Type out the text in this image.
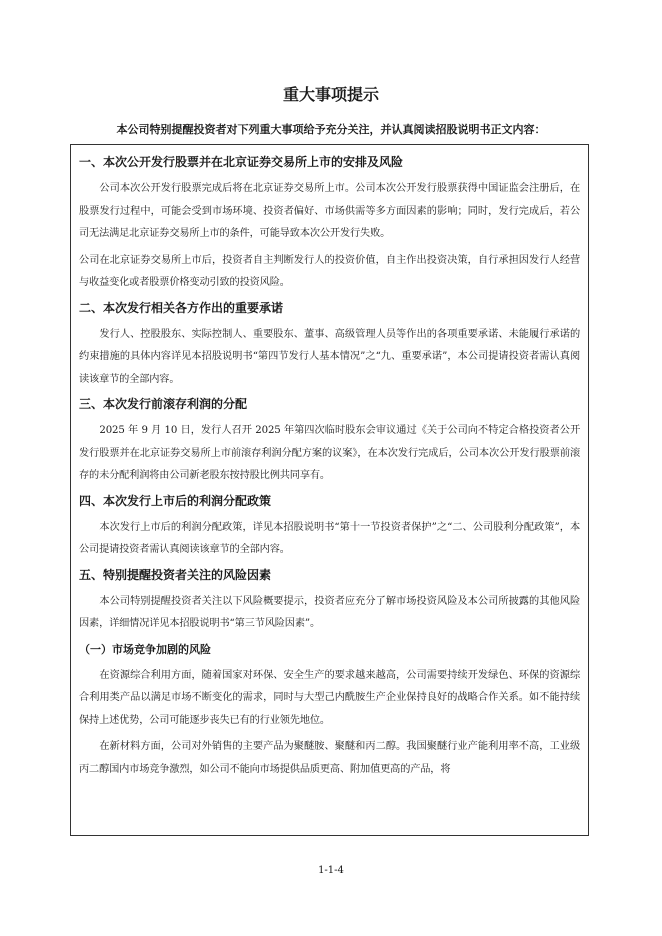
重大事项提示

本公司特别提醒投资者对下列重大事项给予充分关注，并认真阅读招股说明书正文内容：

一、本次公开发行股票并在北京证券交易所上市的安排及风险

公司本次公开发行股票完成后将在北京证券交易所上市。公司本次公开发行股票获得中国证监会注册后，在股票发行过程中，可能会受到市场环境、投资者偏好、市场供需等多方面因素的影响；同时，发行完成后，若公司无法满足北京证券交易所上市的条件，可能导致本次公开发行失败。

公司在北京证券交易所上市后，投资者自主判断发行人的投资价值，自主作出投资决策，自行承担因发行人经营与收益变化或者股票价格变动引致的投资风险。

二、本次发行相关各方作出的重要承诺

发行人、控股股东、实际控制人、重要股东、董事、高级管理人员等作出的各项重要承诺、未能履行承诺的约束措施的具体内容详见本招股说明书“第四节发行人基本情况”之“九、重要承诺”，本公司提请投资者需认真阅读该章节的全部内容。

三、本次发行前滚存利润的分配

2025 年 9 月 10 日，发行人召开 2025 年第四次临时股东会审议通过《关于公司向不特定合格投资者公开发行股票并在北京证券交易所上市前滚存利润分配方案的议案》，在本次发行完成后，公司本次公开发行股票前滚存的未分配利润将由公司新老股东按持股比例共同享有。

四、本次发行上市后的利润分配政策

本次发行上市后的利润分配政策，详见本招股说明书“第十一节投资者保护”之“二、公司股利分配政策”，本公司提请投资者需认真阅读该章节的全部内容。

五、特别提醒投资者关注的风险因素

本公司特别提醒投资者关注以下风险概要提示，投资者应充分了解市场投资风险及本公司所披露的其他风险因素，详细情况详见本招股说明书“第三节风险因素”。

（一）市场竞争加剧的风险

在资源综合利用方面，随着国家对环保、安全生产的要求越来越高，公司需要持续开发绿色、环保的资源综合利用类产品以满足市场不断变化的需求，同时与大型己内酰胺生产企业保持良好的战略合作关系。如不能持续保持上述优势，公司可能逐步丧失已有的行业领先地位。

在新材料方面，公司对外销售的主要产品为聚醚胺、聚醚和丙二醇。我国聚醚行业产能利用率不高，工业级丙二醇国内市场竞争激烈，如公司不能向市场提供品质更高、附加值更高的产品，将

1-1-4
